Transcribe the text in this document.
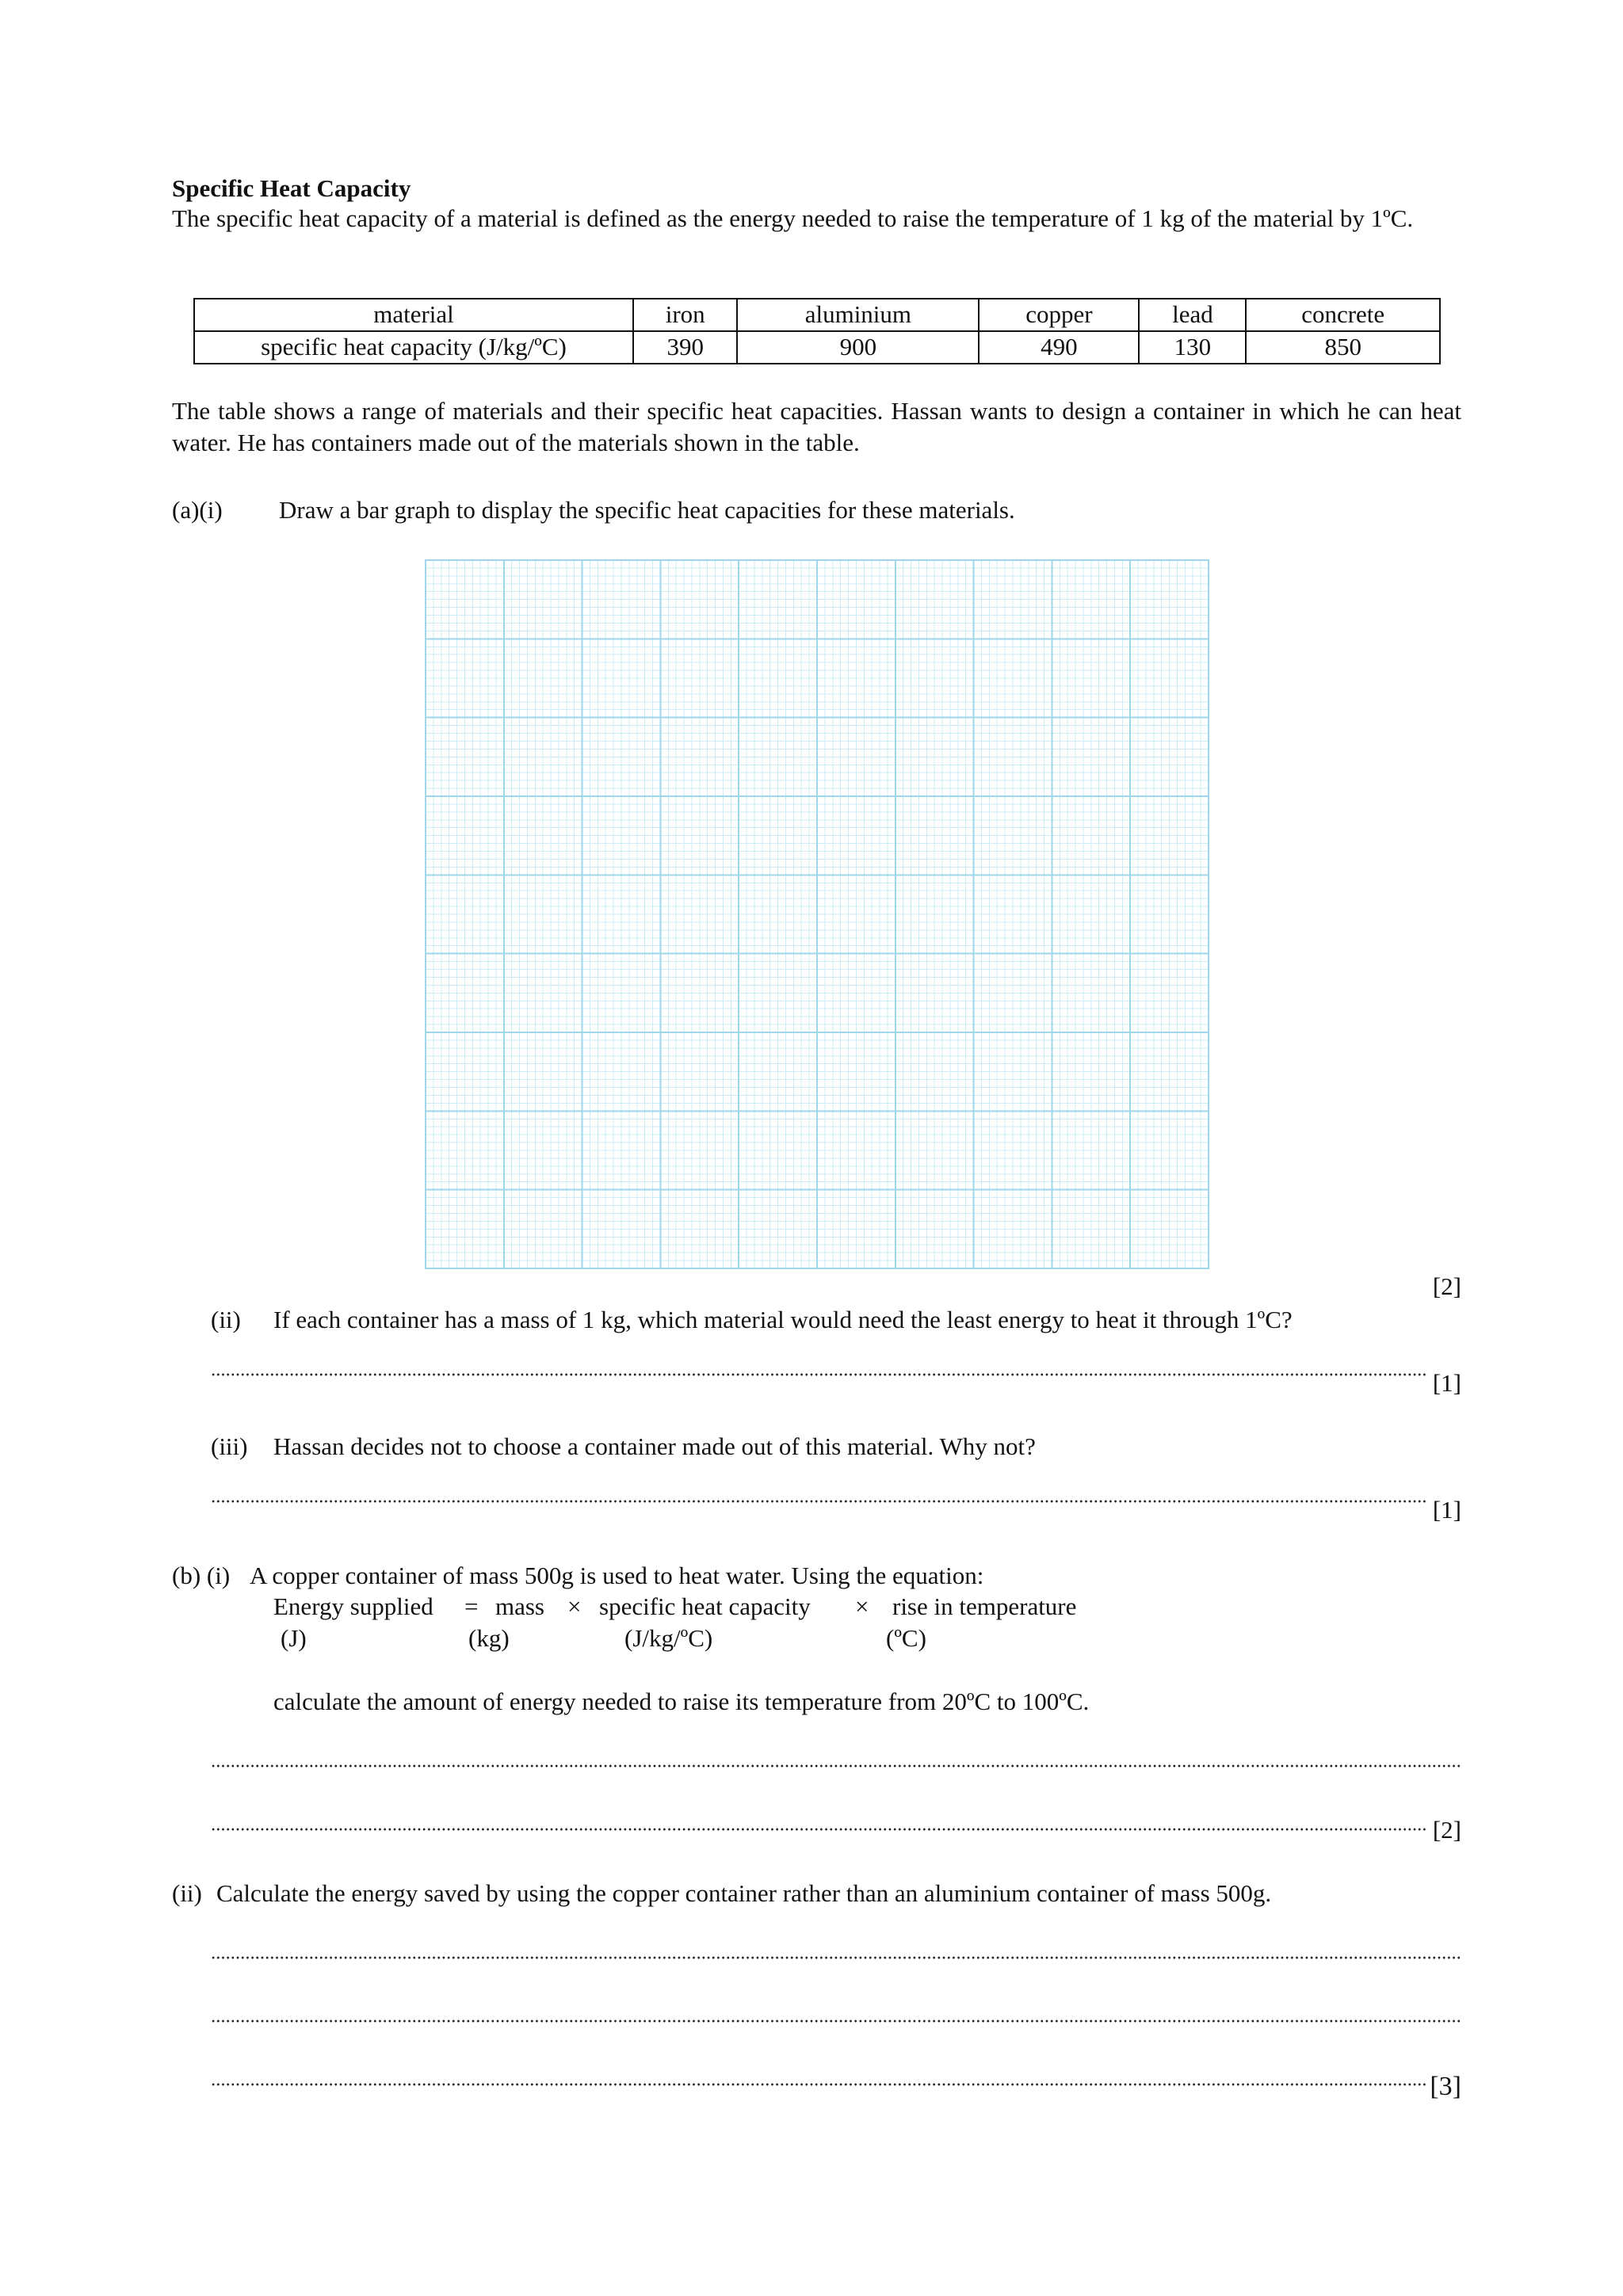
Specific Heat Capacity
The specific heat capacity of a material is defined as the energy needed to raise the temperature of 1 kg of the material by 1ºC.
material	iron	aluminium	copper	lead	concrete
specific heat capacity (J/kg/ºC)	390	900	490	130	850
The table shows a range of materials and their specific heat capacities. Hassan wants to design a container in which he can heat water. He has containers made out of the materials shown in the table.
(a)(i) Draw a bar graph to display the specific heat capacities for these materials.
[2]
(ii) If each container has a mass of 1 kg, which material would need the least energy to heat it through 1ºC?
[1]
(iii) Hassan decides not to choose a container made out of this material. Why not?
[1]
(b) (i) A copper container of mass 500g is used to heat water. Using the equation:
Energy supplied = mass × specific heat capacity × rise in temperature
(J)	(kg)	(J/kg/ºC)	(ºC)
calculate the amount of energy needed to raise its temperature from 20ºC to 100ºC.
[2]
(ii) Calculate the energy saved by using the copper container rather than an aluminium container of mass 500g.
[3]
